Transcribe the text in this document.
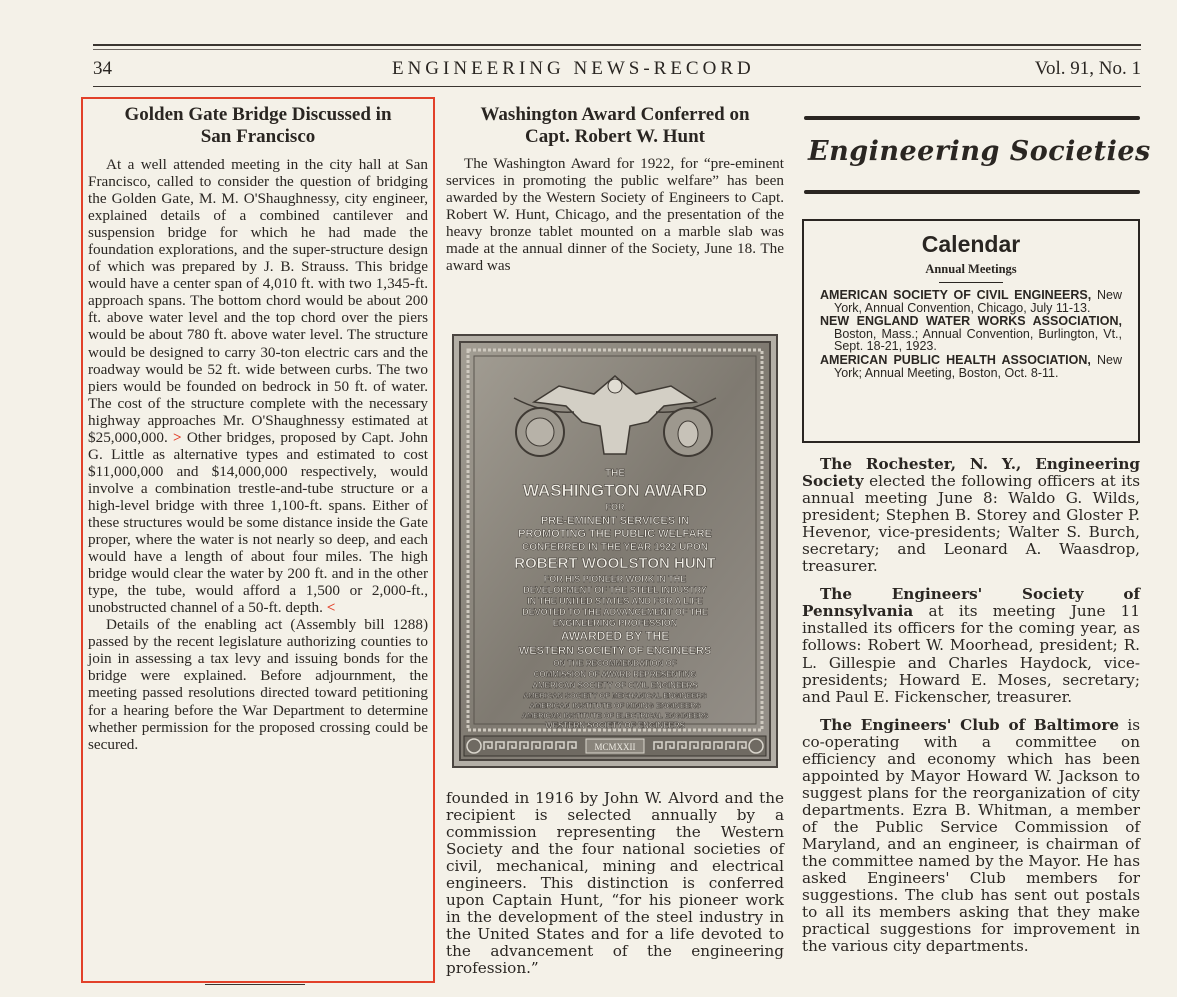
34	ENGINEERING NEWS-RECORD	Vol. 91, No. 1
Golden Gate Bridge Discussed in
San Francisco

At a well attended meeting in the city hall at San Francisco, called to consider the question of bridging the Golden Gate, M. M. O'Shaughnessy, city engineer, explained details of a combined cantilever and suspension bridge for which he had made the foundation explorations, and the super-structure design of which was prepared by J. B. Strauss. This bridge would have a center span of 4,010 ft. with two 1,345-ft. approach spans. The bottom chord would be about 200 ft. above water level and the top chord over the piers would be about 780 ft. above water level. The structure would be designed to carry 30-ton electric cars and the roadway would be 52 ft. wide between curbs. The two piers would be founded on bedrock in 50 ft. of water. The cost of the structure complete with the necessary highway approaches Mr. O'Shaughnessy estimated at $25,000,000. > Other bridges, proposed by Capt. John G. Little as alternative types and estimated to cost $11,000,000 and $14,000,000 respectively, would involve a combination trestle-and-tube structure or a high-level bridge with three 1,100-ft. spans. Either of these structures would be some distance inside the Gate proper, where the water is not nearly so deep, and each would have a length of about four miles. The high bridge would clear the water by 200 ft. and in the other type, the tube, would afford a 1,500 or 2,000-ft., unobstructed channel of a 50-ft. depth. <

Details of the enabling act (Assembly bill 1288) passed by the recent legislature authorizing counties to join in assessing a tax levy and issuing bonds for the bridge were explained. Before adjournment, the meeting passed resolutions directed toward petitioning for a hearing before the War Department to determine whether permission for the proposed crossing could be secured.

Washington Award Conferred on
Capt. Robert W. Hunt

The Washington Award for 1922, for “pre-eminent services in promoting the public welfare” has been awarded by the Western Society of Engineers to Capt. Robert W. Hunt, Chicago, and the presentation of the heavy bronze tablet mounted on a marble slab was made at the annual dinner of the Society, June 18. The award was

THE
WASHINGTON AWARD
FOR
PRE-EMINENT SERVICES IN
PROMOTING THE PUBLIC WELFARE
CONFERRED IN THE YEAR 1922 UPON
ROBERT WOOLSTON HUNT
FOR HIS PIONEER WORK IN THE
DEVELOPMENT OF THE STEEL INDUSTRY
IN THE UNITED STATES AND FOR A LIFE
DEVOTED TO THE ADVANCEMENT OF THE
ENGINEERING PROFESSION
AWARDED BY THE
WESTERN SOCIETY OF ENGINEERS
ON THE RECOMMENDATION OF
COMMISSION OF AWARD REPRESENTING
AMERICAN SOCIETY OF CIVIL ENGINEERS
AMERICAN SOCIETY OF MECHANICAL ENGINEERS
AMERICAN INSTITUTE OF MINING ENGINEERS
AMERICAN INSTITUTE OF ELECTRICAL ENGINEERS
WESTERN SOCIETY OF ENGINEERS
MCMXXII

founded in 1916 by John W. Alvord and the recipient is selected annually by a commission representing the Western Society and the four national societies of civil, mechanical, mining and electrical engineers. This distinction is conferred upon Captain Hunt, “for his pioneer work in the development of the steel industry in the United States and for a life devoted to the advancement of the engineering profession.”

Engineering Societies
Calendar
Annual Meetings
AMERICAN SOCIETY OF CIVIL ENGINEERS, New York, Annual Convention, Chicago, July 11-13.
NEW ENGLAND WATER WORKS ASSOCIATION, Boston, Mass.; Annual Convention, Burlington, Vt., Sept. 18-21, 1923.
AMERICAN PUBLIC HEALTH ASSOCIATION, New York; Annual Meeting, Boston, Oct. 8-11.

The Rochester, N. Y., Engineering Society elected the following officers at its annual meeting June 8: Waldo G. Wilds, president; Stephen B. Storey and Gloster P. Hevenor, vice-presidents; Walter S. Burch, secretary; and Leonard A. Waasdrop, treasurer.

The Engineers' Society of Pennsylvania at its meeting June 11 installed its officers for the coming year, as follows: Robert W. Moorhead, president; R. L. Gillespie and Charles Haydock, vice-presidents; Howard E. Moses, secretary; and Paul E. Fickenscher, treasurer.

The Engineers' Club of Baltimore is co-operating with a committee on efficiency and economy which has been appointed by Mayor Howard W. Jackson to suggest plans for the reorganization of city departments. Ezra B. Whitman, a member of the Public Service Commission of Maryland, and an engineer, is chairman of the committee named by the Mayor. He has asked Engineers' Club members for suggestions. The club has sent out postals to all its members asking that they make practical suggestions for improvement in the various city departments.
